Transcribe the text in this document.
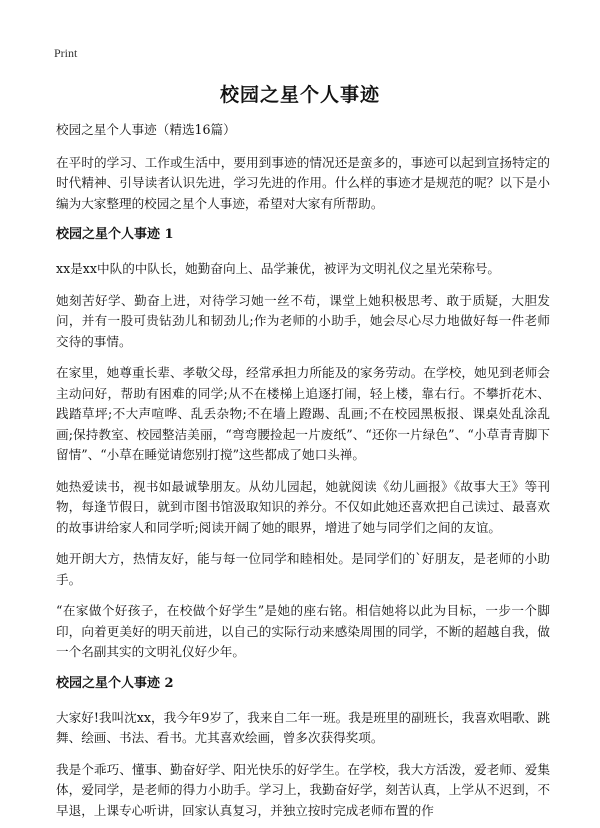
Print
校园之星个人事迹

校园之星个人事迹（精选16篇）

在平时的学习、工作或生活中，要用到事迹的情况还是蛮多的，事迹可以起到宣扬特定的时代精神、引导读者认识先进，学习先进的作用。什么样的事迹才是规范的呢？以下是小编为大家整理的校园之星个人事迹，希望对大家有所帮助。

校园之星个人事迹 1

xx是xx中队的中队长，她勤奋向上、品学兼优，被评为文明礼仪之星光荣称号。

她刻苦好学、勤奋上进，对待学习她一丝不苟，课堂上她积极思考、敢于质疑，大胆发问，并有一股可贵钻劲儿和韧劲儿;作为老师的小助手，她会尽心尽力地做好每一件老师交待的事情。

在家里，她尊重长辈、孝敬父母，经常承担力所能及的家务劳动。在学校，她见到老师会主动问好，帮助有困难的同学;从不在楼梯上追逐打闹，轻上楼，靠右行。不攀折花木、践踏草坪;不大声喧哗、乱丢杂物;不在墙上蹬踢、乱画;不在校园黑板报、课桌处乱涂乱画;保持教室、校园整洁美丽，“弯弯腰捡起一片废纸”、“还你一片绿色”、“小草青青脚下留情”、“小草在睡觉请您别打搅”这些都成了她口头禅。

她热爱读书，视书如最诚挚朋友。从幼儿园起，她就阅读《幼儿画报》《故事大王》等刊物，每逢节假日，就到市图书馆汲取知识的养分。不仅如此她还喜欢把自己读过、最喜欢的故事讲给家人和同学听;阅读开阔了她的眼界，增进了她与同学们之间的友谊。

她开朗大方，热情友好，能与每一位同学和睦相处。是同学们的`好朋友，是老师的小助手。

“在家做个好孩子，在校做个好学生”是她的座右铭。相信她将以此为目标，一步一个脚印，向着更美好的明天前进，以自己的实际行动来感染周围的同学，不断的超越自我，做一个名副其实的文明礼仪好少年。

校园之星个人事迹 2

大家好!我叫沈xx，我今年9岁了，我来自二年一班。我是班里的副班长，我喜欢唱歌、跳舞、绘画、书法、看书。尤其喜欢绘画，曾多次获得奖项。

我是个乖巧、懂事、勤奋好学、阳光快乐的好学生。在学校，我大方活泼，爱老师、爱集体，爱同学，是老师的得力小助手。学习上，我勤奋好学，刻苦认真，上学从不迟到，不早退，上课专心听讲，回家认真复习，并独立按时完成老师布置的作
